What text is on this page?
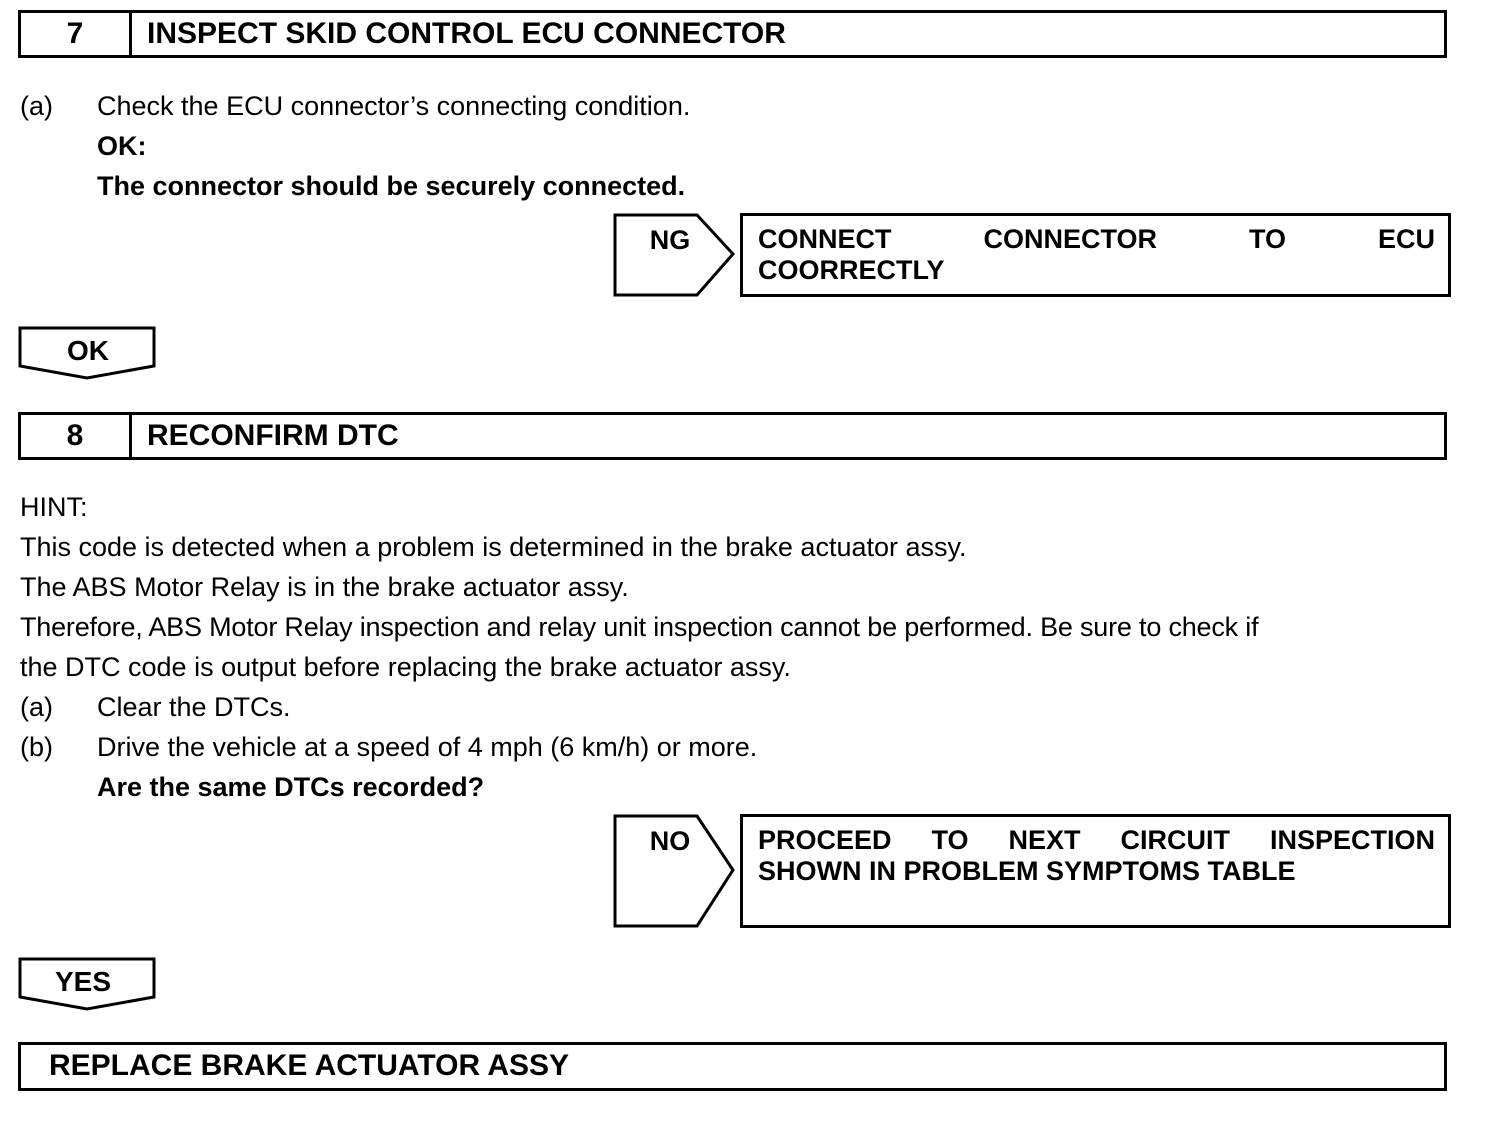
7	INSPECT SKID CONTROL ECU CONNECTOR
(a) Check the ECU connector’s connecting condition.
OK:
The connector should be securely connected.
NG	CONNECT	CONNECTOR	TO	ECU
COORRECTLY
OK
8	RECONFIRM DTC
HINT:
This code is detected when a problem is determined in the brake actuator assy.
The ABS Motor Relay is in the brake actuator assy.
Therefore, ABS Motor Relay inspection and relay unit inspection cannot be performed. Be sure to check if
the DTC code is output before replacing the brake actuator assy.
(a) Clear the DTCs.
(b) Drive the vehicle at a speed of 4 mph (6 km/h) or more.
Are the same DTCs recorded?
NO	PROCEED TO NEXT CIRCUIT INSPECTION
SHOWN IN PROBLEM SYMPTOMS TABLE
YES
REPLACE BRAKE ACTUATOR ASSY
